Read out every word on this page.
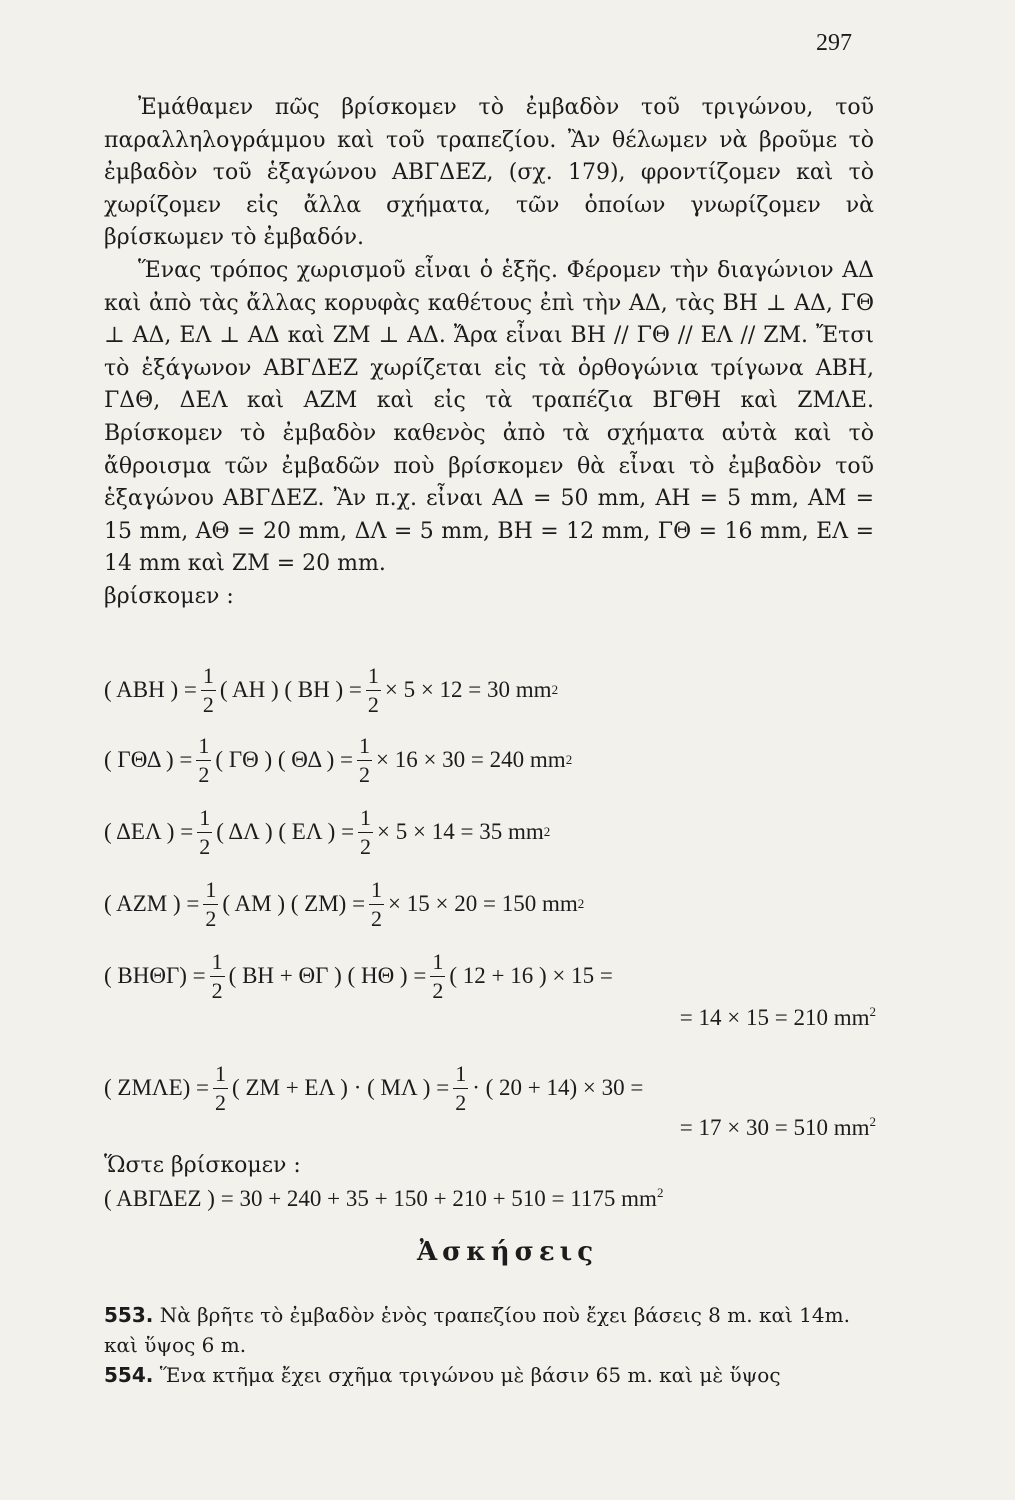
297

Ἐμάθαμεν πῶς βρίσκομεν τὸ ἐμβαδὸν τοῦ τριγώνου, τοῦ παραλληλογράμμου καὶ τοῦ τραπεζίου. Ἂν θέλωμεν νὰ βροῦμε τὸ ἐμβαδὸν τοῦ ἑξαγώνου ΑΒΓΔΕΖ, (σχ. 179), φροντίζομεν καὶ τὸ χωρίζομεν εἰς ἄλλα σχήματα, τῶν ὁποίων γνωρίζομεν νὰ βρίσκωμεν τὸ ἐμβαδόν.

Ἕνας τρόπος χωρισμοῦ εἶναι ὁ ἑξῆς. Φέρομεν τὴν διαγώνιον ΑΔ καὶ ἀπὸ τὰς ἄλλας κορυφὰς καθέτους ἐπὶ τὴν ΑΔ, τὰς ΒΗ ⊥ ΑΔ, ΓΘ ⊥ ΑΔ, ΕΛ ⊥ ΑΔ καὶ ΖΜ ⊥ ΑΔ. Ἄρα εἶναι ΒΗ // ΓΘ // ΕΛ // ΖΜ. Ἔτσι τὸ ἑξάγωνον ΑΒΓΔΕΖ χωρίζεται εἰς τὰ ὀρθογώνια τρίγωνα ΑΒΗ, ΓΔΘ, ΔΕΛ καὶ ΑΖΜ καὶ εἰς τὰ τραπέζια ΒΓΘΗ καὶ ΖΜΛΕ. Βρίσκομεν τὸ ἐμβαδὸν καθενὸς ἀπὸ τὰ σχήματα αὐτὰ καὶ τὸ ἄθροισμα τῶν ἐμβαδῶν ποὺ βρίσκομεν θὰ εἶναι τὸ ἐμβαδὸν τοῦ ἑξαγώνου ΑΒΓΔΕΖ. Ἂν π.χ. εἶναι ΑΔ = 50 mm, ΑΗ = 5 mm, ΑΜ = 15 mm, ΑΘ = 20 mm, ΔΛ = 5 mm, ΒΗ = 12 mm, ΓΘ = 16 mm, ΕΛ = 14 mm καὶ ΖΜ = 20 mm.

βρίσκομεν :

( ΑΒΗ ) = $\frac{1}{2}$ ( ΑΗ ) ( ΒΗ ) = $\frac{1}{2} \times 5 \times 12 = 30$ mm 2
( ΓΘΔ ) = $\frac{1}{2}$ ( ΓΘ ) ( ΘΔ ) = $\frac{1}{2} \times 16 \times 30 = 240$ mm 2
( ΔΕΛ ) = $\frac{1}{2}$ ( ΔΛ ) ( ΕΛ ) = $\frac{1}{2} \times 5 \times 14 = 35$ mm 2
( ΑΖΜ ) = $\frac{1}{2}$ ( ΑΜ ) ( $ZM) = \frac{1}{2} \times 15 \times 20 = 150$ mm 2
( $BH\Theta\Gamma) = \frac{1}{2}$ ( ΒΗ + ΘΓ ) ( ΗΘ ) = $\frac{1}{2}$ ( 12 + 16 ) × 15 =
= 14 × 15 = 210 $mm^2$
( $ZM\Lambda E) = \frac{1}{2}$ ( ΖΜ + ΕΛ ) · ( ΜΛ ) = $\frac{1}{2}$ · ( 20 + 14) × 30 =
= 17 × 30 = 510 $mm^2$
Ὥστε βρίσκομεν :
( ΑΒΓΔΕΖ ) = 30 + 240 + 35 + 150 + 210 + 510 = 1175 $mm^2$
Ἀσκήσεις
553. Νὰ βρῆτε τὸ ἐμβαδὸν ἑνὸς τραπεζίου ποὺ ἔχει βάσεις 8 m. καὶ 14m. καὶ ὕψος 6 m.
554. Ἕνα κτῆμα ἔχει σχῆμα τριγώνου μὲ βάσιν 65 m. καὶ μὲ ὕψος
